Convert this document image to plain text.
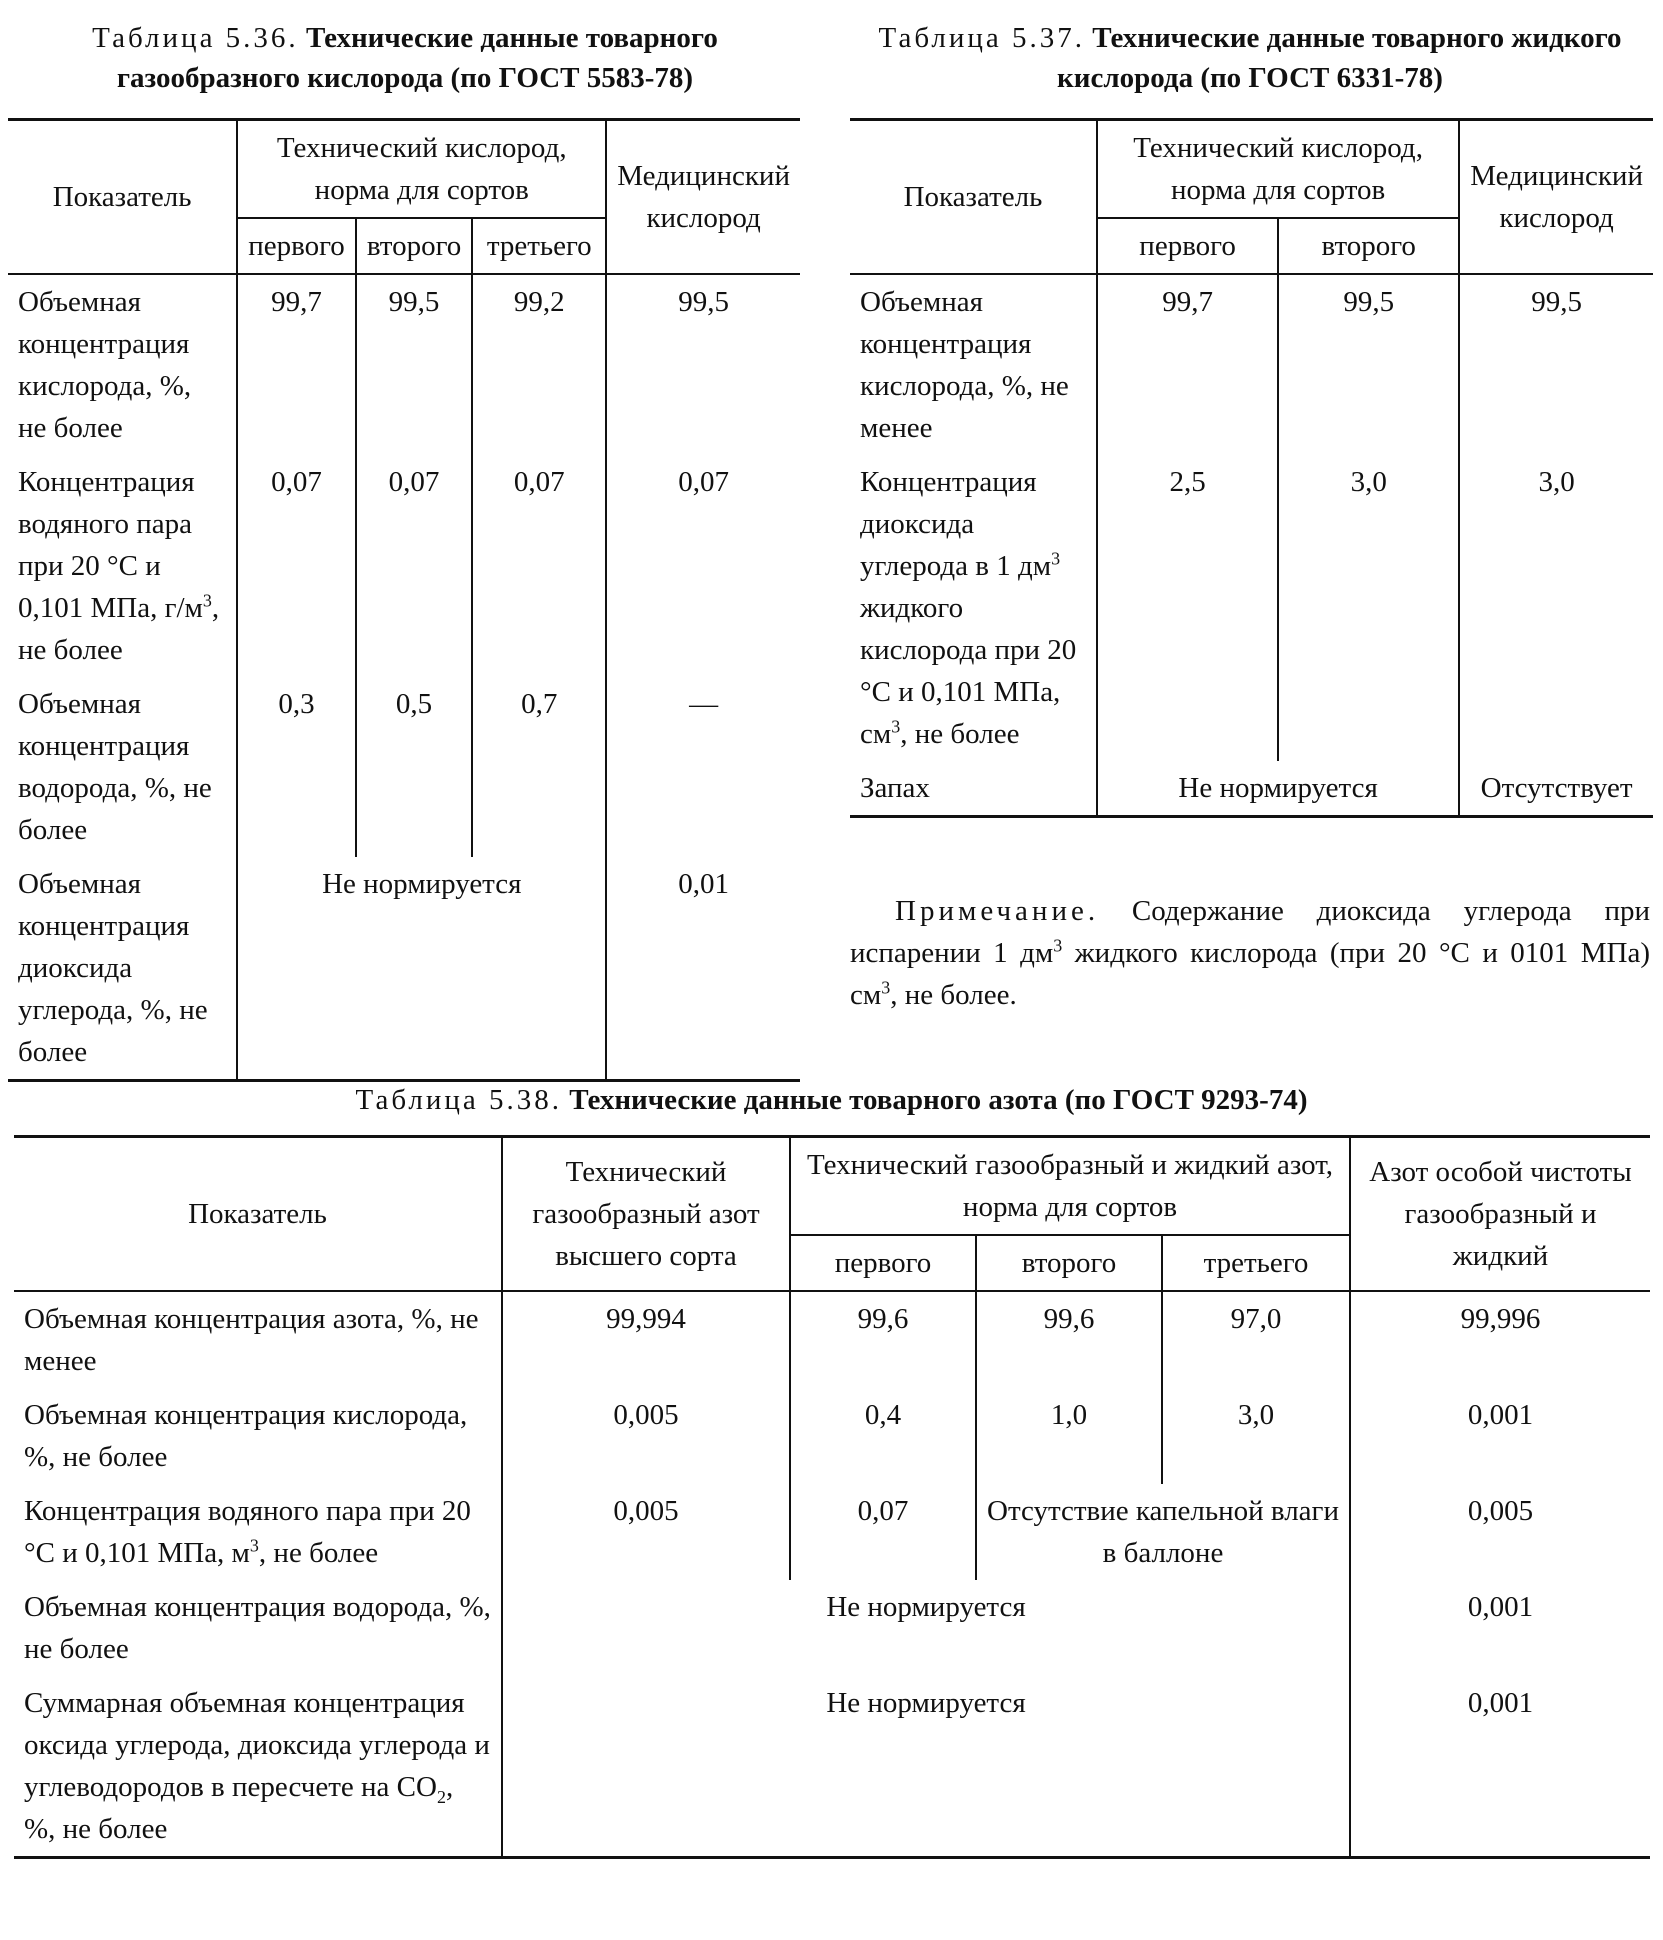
Таблица 5.36. Технические данные товарного газообразного кислорода (по ГОСТ 5583-78)
Показатель	Технический кислород, норма для сортов			Медицинский кислород
	первого	второго	третьего	
Объемная концентрация кислорода, %, не более	99,7	99,5	99,2	99,5
Концентрация водяного пара при 20 °С и 0,101 МПа, $г/м^3$, не более	0,07	0,07	0,07	0,07
Объемная концентрация водорода, %, не более	0,3	0,5	0,7	—
Объемная концентрация диоксида углерода, %, не более	Не нормируется			0,01
Таблица 5.37. Технические данные товарного жидкого кислорода (по ГОСТ 6331-78)
Показатель	Технический кислород, норма для сортов		Медицинский кислород
	первого	второго	
Объемная концентрация кислорода, %, не менее	99,7	99,5	99,5
Концентрация диоксида углерода в 1 $дм^3$ жидкого кислорода при 20 °С и 0,101 МПа, $см^3$, не более	2,5	3,0	3,0
Запах	Не нормируется		Отсутствует
Примечание. Содержание диоксида углерода при испарении 1 $дм^3$ жидкого кислорода (при 20 °С и 0101 МПа) $см^3$, не более.
Таблица 5.38. Технические данные товарного азота (по ГОСТ 9293-74)
Показатель	Технический газообразный азот высшего сорта	Технический газообразный и жидкий азот, норма для сортов			Азот особой чистоты газообразный и жидкий
		первого	второго	третьего	
Объемная концентрация азота, %, не менее	99,994	99,6	99,6	97,0	99,996
Объемная концентрация кислорода, %, не более	0,005	0,4	1,0	3,0	0,001
Концентрация водяного пара при 20 °С и 0,101 МПа, $м^3$, не более	0,005	0,07	Отсутствие капельной влаги в баллоне		0,005
Объемная концентрация водорода, %, не более	Не нормируется				0,001
Суммарная объемная концентрация оксида углерода, диоксида углерода и углеводородов в пересчете на $СО_2$, %, не более	Не нормируется				0,001
